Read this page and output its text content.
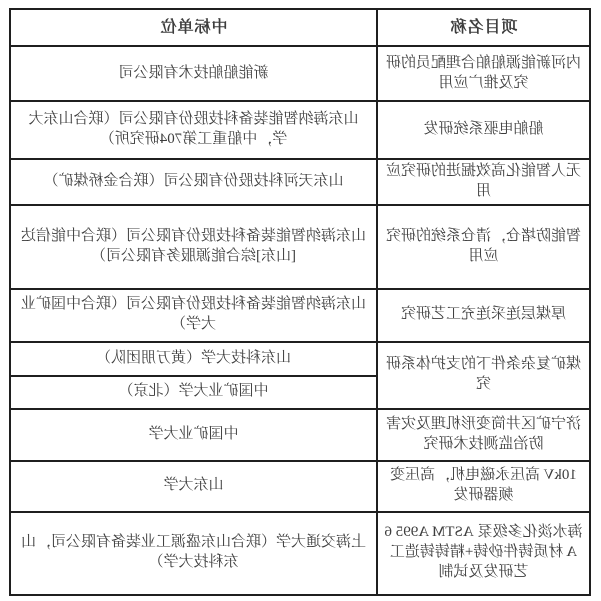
项目名称	中标单位
内河新能源船舶合理配员的研究及推广应用	新能船舶技术有限公司
船舶电驱系统研发	山东海纳智能装备科技股份有限公司（联合山东大学，中船重工第704研究所）
无人智能化高效掘进的研究应用	山东天河科技股份有限公司（联合金桥煤矿）
智能防堵仓，清仓系统的研究应用	山东海纳智能装备科技股份有限公司（联合中能信达[山东]综合能源服务有限公司）
厚煤层连采连充工艺研究	山东海纳智能装备科技股份有限公司（联合中国矿业大学）
煤矿复杂条件下的支护体系研究	山东科技大学（黄万朋团队）
	中国矿业大学（北京）
济宁矿区井筒变形机理及灾害防治监测技术研究	中国矿业大学
10kV 高压永磁电机，高压变频器研发	山东大学
海水淡化多级泵 ASTM A995 6A 材质铸件砂铸+精铸铸造工艺研发及试制	上海交通大学（联合山东盛源工业装备有限公司，山东科技大学）
